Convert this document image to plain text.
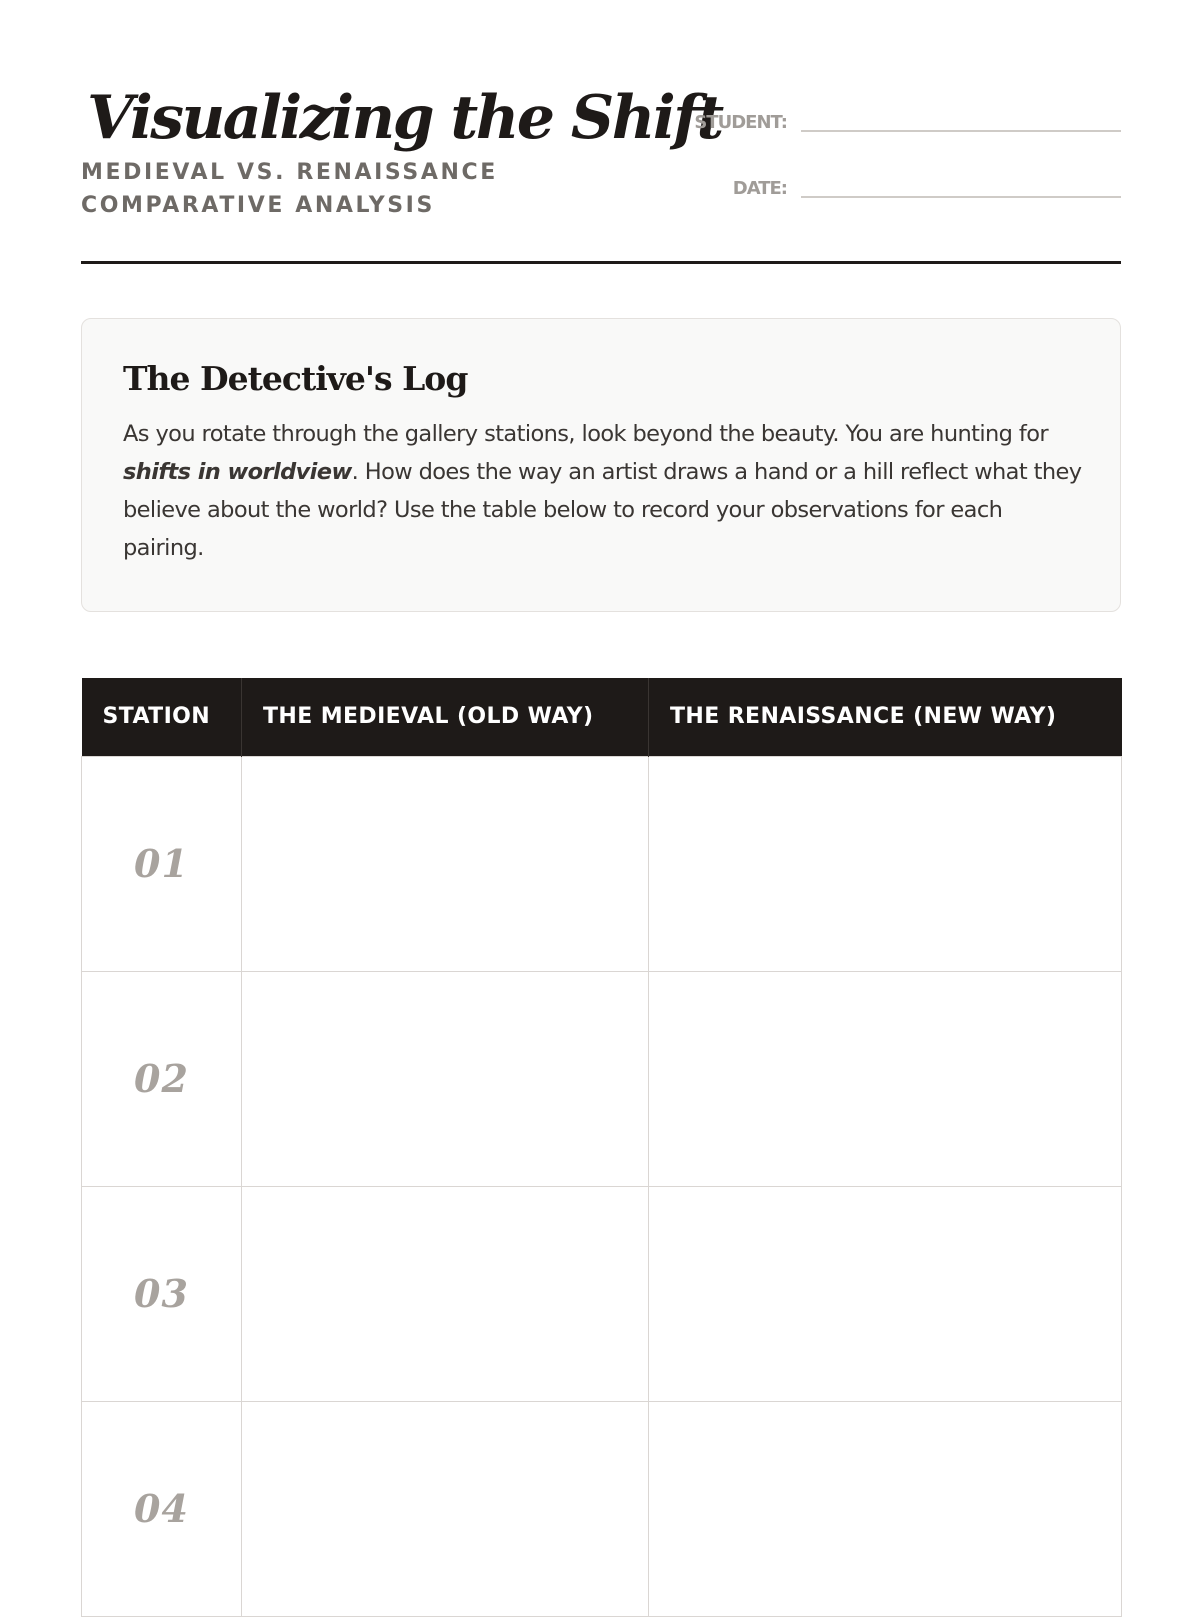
Visualizing the Shift

MEDIEVAL VS. RENAISSANCE COMPARATIVE ANALYSIS

STUDENT:
DATE:
The Detective's Log

As you rotate through the gallery stations, look beyond the beauty. You are hunting for shifts in worldview. How does the way an artist draws a hand or a hill reflect what they believe about the world? Use the table below to record your observations for each pairing.

STATION	THE MEDIEVAL (OLD WAY)	THE RENAISSANCE (NEW WAY)
01		
02		
03		
04		
